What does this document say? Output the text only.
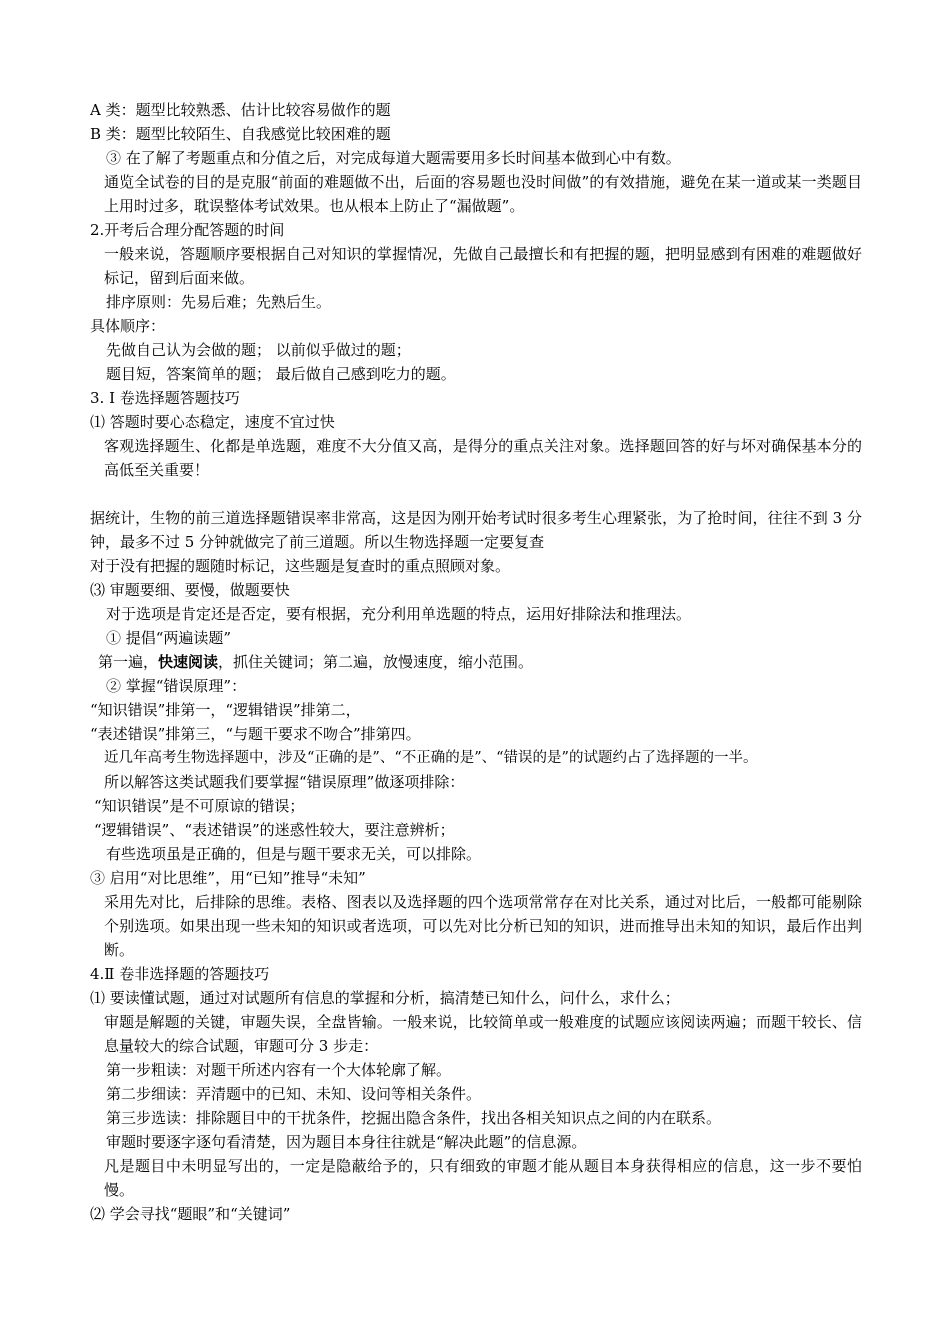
A 类：题型比较熟悉、估计比较容易做作的题
B 类：题型比较陌生、自我感觉比较困难的题
③ 在了解了考题重点和分值之后，对完成每道大题需要用多长时间基本做到心中有数。
通览全试卷的目的是克服“前面的难题做不出，后面的容易题也没时间做”的有效措施，避免在某一道或某一类题目上用时过多，耽误整体考试效果。也从根本上防止了“漏做题”。
2.开考后合理分配答题的时间
一般来说，答题顺序要根据自己对知识的掌握情况，先做自己最擅长和有把握的题，把明显感到有困难的难题做好标记，留到后面来做。
排序原则：先易后难；先熟后生。
具体顺序：
先做自己认为会做的题； 以前似乎做过的题；
题目短，答案简单的题； 最后做自己感到吃力的题。
3. Ⅰ 卷选择题答题技巧
⑴ 答题时要心态稳定，速度不宜过快
客观选择题生、化都是单选题，难度不大分值又高，是得分的重点关注对象。选择题回答的好与坏对确保基本分的高低至关重要！
据统计，生物的前三道选择题错误率非常高，这是因为刚开始考试时很多考生心理紧张，为了抢时间，往往不到 3 分钟，最多不过 5 分钟就做完了前三道题。所以生物选择题一定要复查
对于没有把握的题随时标记，这些题是复查时的重点照顾对象。
⑶ 审题要细、要慢，做题要快
对于选项是肯定还是否定，要有根据，充分利用单选题的特点，运用好排除法和推理法。
① 提倡“两遍读题”
第一遍，快速阅读，抓住关键词；第二遍，放慢速度，缩小范围。
② 掌握“错误原理”：
“知识错误”排第一，“逻辑错误”排第二，
“表述错误”排第三，“与题干要求不吻合”排第四。
近几年高考生物选择题中，涉及“正确的是”、“不正确的是”、“错误的是”的试题约占了选择题的一半。
所以解答这类试题我们要掌握“错误原理”做逐项排除：
“知识错误”是不可原谅的错误；
“逻辑错误”、“表述错误”的迷惑性较大，要注意辨析；
有些选项虽是正确的，但是与题干要求无关，可以排除。
③ 启用“对比思维”，用“已知”推导“未知”
采用先对比，后排除的思维。表格、图表以及选择题的四个选项常常存在对比关系，通过对比后，一般都可能剔除个别选项。如果出现一些未知的知识或者选项，可以先对比分析已知的知识，进而推导出未知的知识，最后作出判断。
4.Ⅱ 卷非选择题的答题技巧
⑴ 要读懂试题，通过对试题所有信息的掌握和分析，搞清楚已知什么，问什么，求什么；
审题是解题的关键，审题失误，全盘皆输。一般来说，比较简单或一般难度的试题应该阅读两遍；而题干较长、信息量较大的综合试题，审题可分 3 步走：
第一步粗读：对题干所述内容有一个大体轮廓了解。
第二步细读：弄清题中的已知、未知、设问等相关条件。
第三步选读：排除题目中的干扰条件，挖掘出隐含条件，找出各相关知识点之间的内在联系。
审题时要逐字逐句看清楚，因为题目本身往往就是“解决此题”的信息源。
凡是题目中未明显写出的，一定是隐蔽给予的，只有细致的审题才能从题目本身获得相应的信息，这一步不要怕慢。
⑵ 学会寻找“题眼”和“关键词”
